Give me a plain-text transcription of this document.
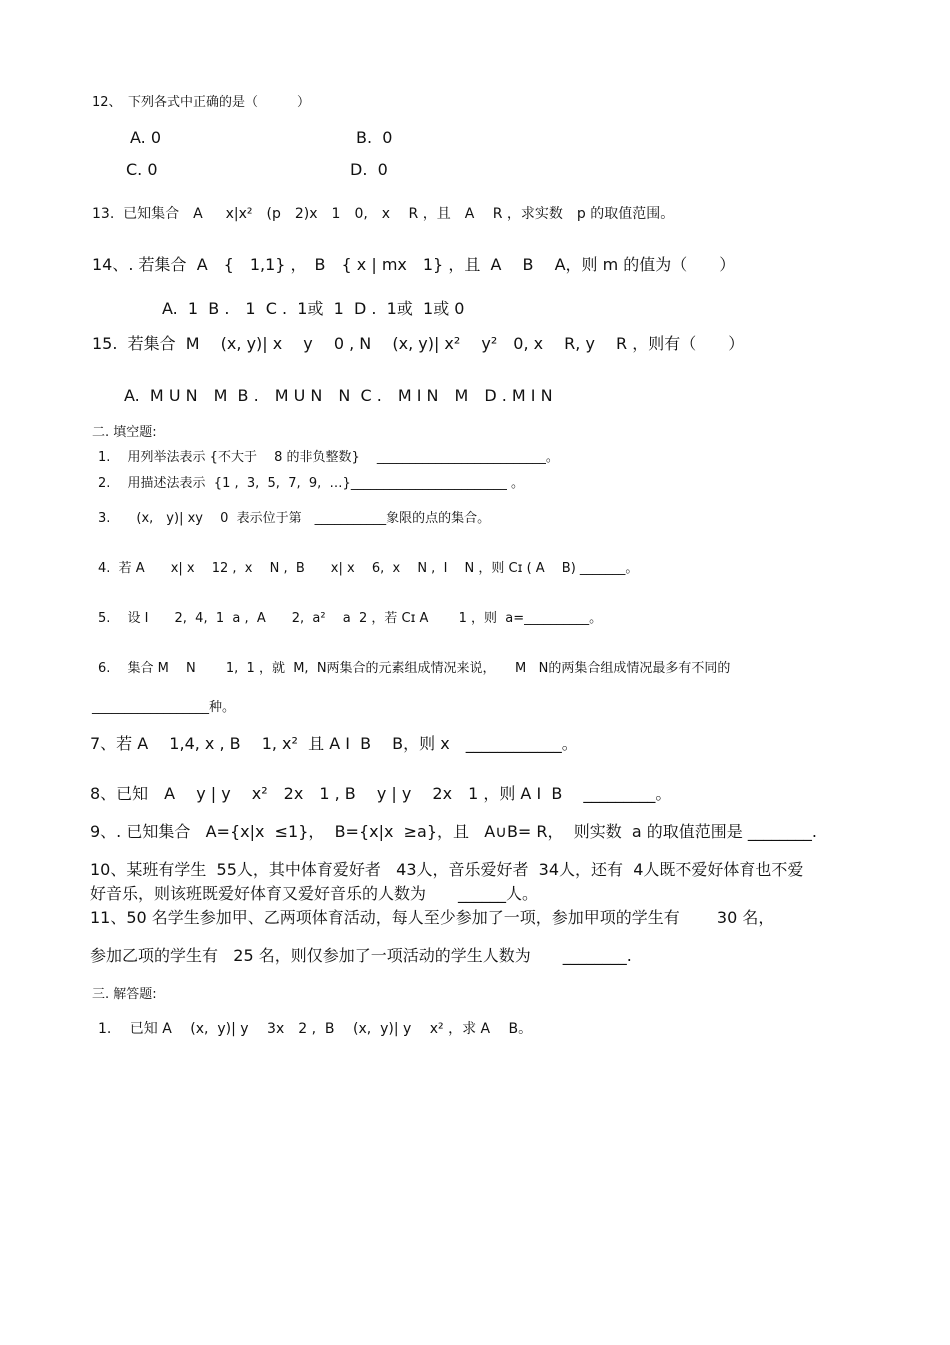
12、　下列各式中正确的是（　　　）
A. 0	B.  0
C. 0	D.  0
13.  已知集合　A　  x|x²　(p　2)x　1　0,　x　 R ，且　A　 R ，求实数　p 的取值范围。
14、. 若集合  A　{　1,1} ，　B　{ x | mx　1} ，且  A　 B　 A，则 m 的值为（　　）
A.  1  B .　1  C .  1或  1  D .  1或  1或 0
15.  若集合  M　 (x, y)| x　 y　 0 , N　 (x, y)| x²　 y²　0, x　 R, y　 R ，则有（　　）
A.  M U N　M  B .　M U N　N  C .　M I N　M　D . M I N
二. 填空题:
1.　 用列举法表示 {不大于　 8 的非负整数}　 __________________________。
2.　 用描述法表示  {1 ,  3,  5,  7,  9,  …}________________________ 。
3.　　(x,　y)| xy　 0  表示位于第　___________象限的点的集合。
4.  若 A　　x| x　 12 ,  x　 N ,  B　　x| x　 6,  x　 N ,  I　 N ，则 Cɪ ( A　 B) _______。
5.　 设 I　　2,  4,  1  a ,  A　　2,  a²　 a  2 ，若 Cɪ A　　 1 ，则  a=__________。
6.　 集合 M　 N　　 1,  1 ，就  M,  N两集合的元素组成情况来说，　　M   N的两集合组成情况最多有不同的
__________________种。
7、若 A　 1,4, x , B　 1, x²  且 A I  B　 B，则 x　____________。
8、已知　A　 y | y　 x²　2x　1 , B　 y | y　 2x　1 ，则 A I  B　 _________。
9、. 已知集合   A={x|x  ≤1}，  B={x|x  ≥a}，且   A∪B= R，  则实数  a 的取值范围是 ________.
10、某班有学生  55人，其中体育爱好者   43人，音乐爱好者  34人，还有  4人既不爱好体育也不爱
好音乐，则该班既爱好体育又爱好音乐的人数为　　______人。
11、50 名学生参加甲、乙两项体育活动，每人至少参加了一项，参加甲项的学生有　　 30 名，
参加乙项的学生有   25 名，则仅参加了一项活动的学生人数为　　________.
三. 解答题:
1.　 已知 A　 (x,  y)| y　 3x　2 ,  B　 (x,  y)| y　 x² ，求 A　 B。
